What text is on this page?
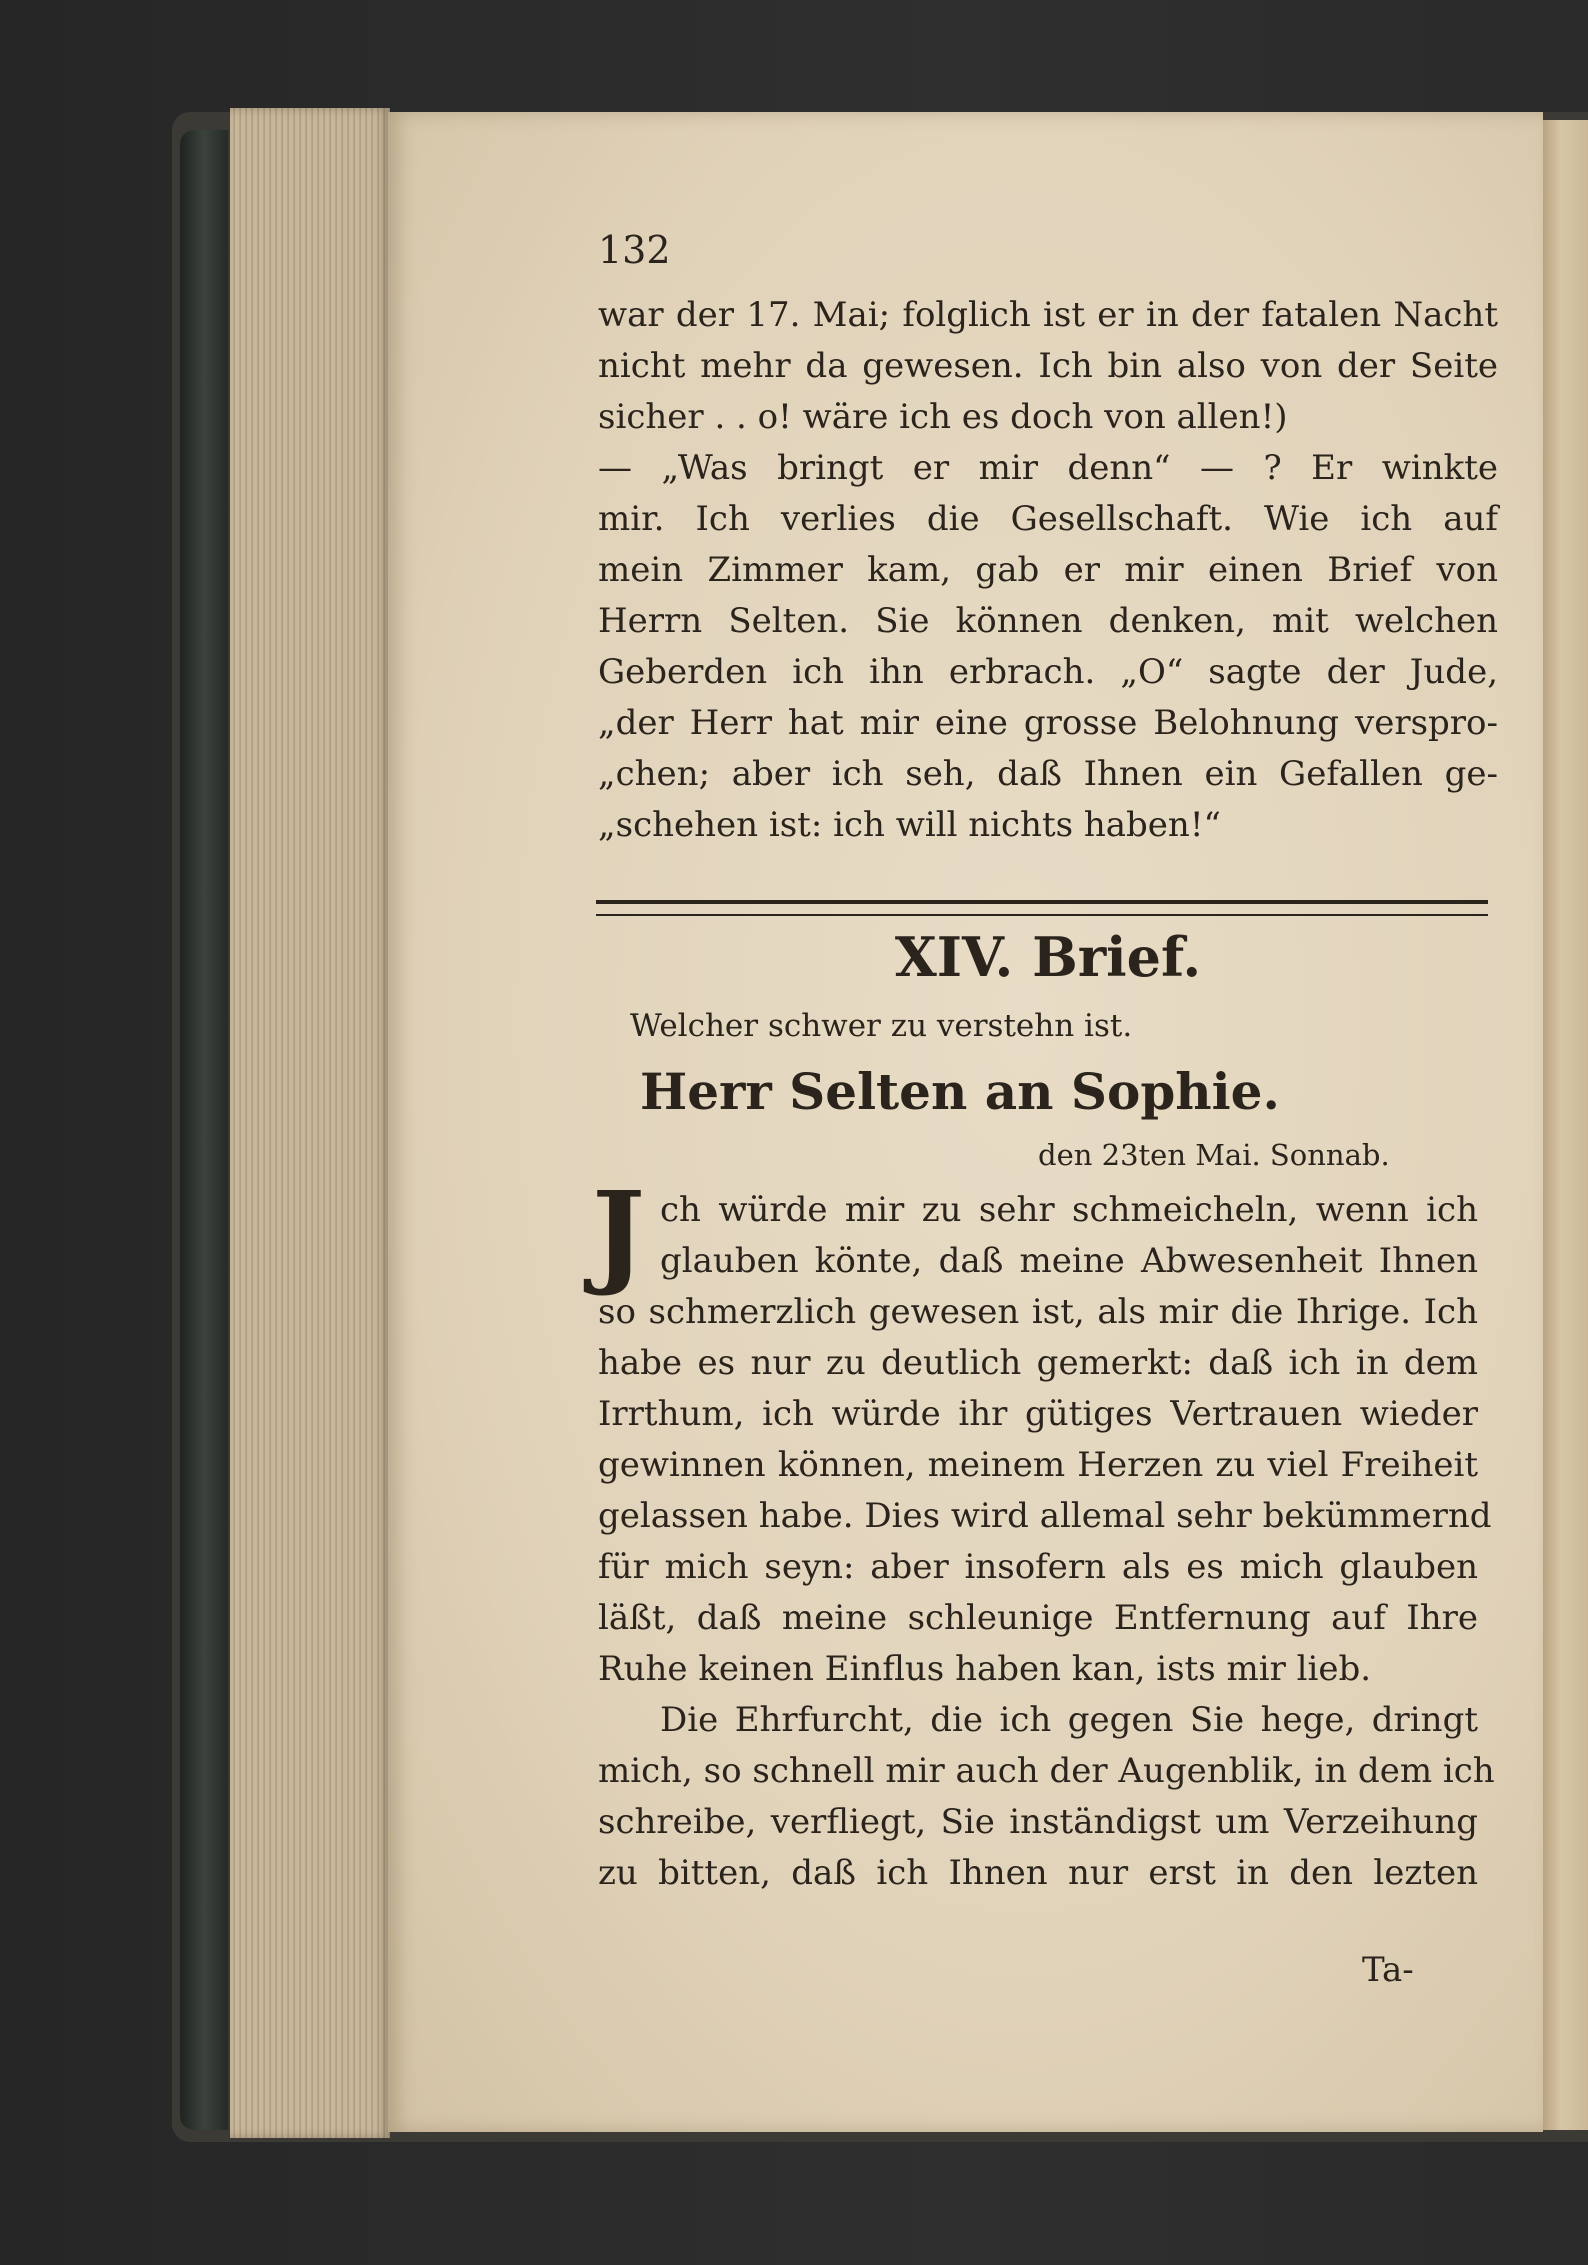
132
war der 17. Mai; folglich ist er in der fatalen Nacht
nicht mehr da gewesen. Ich bin also von der Seite
sicher . . o! wäre ich es doch von allen!)
— „Was bringt er mir denn“ — ? Er winkte
mir. Ich verlies die Gesellschaft. Wie ich auf
mein Zimmer kam, gab er mir einen Brief von
Herrn Selten. Sie können denken, mit welchen
Geberden ich ihn erbrach. „O“ sagte der Jude,
„der Herr hat mir eine grosse Belohnung verspro-
„chen; aber ich seh, daß Ihnen ein Gefallen ge-
„schehen ist: ich will nichts haben!“
XIV. Brief.
Welcher schwer zu verstehn ist.
Herr Selten an Sophie.
den 23ten Mai. Sonnab.
J ch würde mir zu sehr schmeicheln, wenn ich
glauben könte, daß meine Abwesenheit Ihnen
so schmerzlich gewesen ist, als mir die Ihrige. Ich
habe es nur zu deutlich gemerkt: daß ich in dem
Irrthum, ich würde ihr gütiges Vertrauen wieder
gewinnen können, meinem Herzen zu viel Freiheit
gelassen habe. Dies wird allemal sehr bekümmernd
für mich seyn: aber insofern als es mich glauben
läßt, daß meine schleunige Entfernung auf Ihre
Ruhe keinen Einflus haben kan, ists mir lieb.
Die Ehrfurcht, die ich gegen Sie hege, dringt
mich, so schnell mir auch der Augenblik, in dem ich
schreibe, verfliegt, Sie inständigst um Verzeihung
zu bitten, daß ich Ihnen nur erst in den lezten
Ta-
